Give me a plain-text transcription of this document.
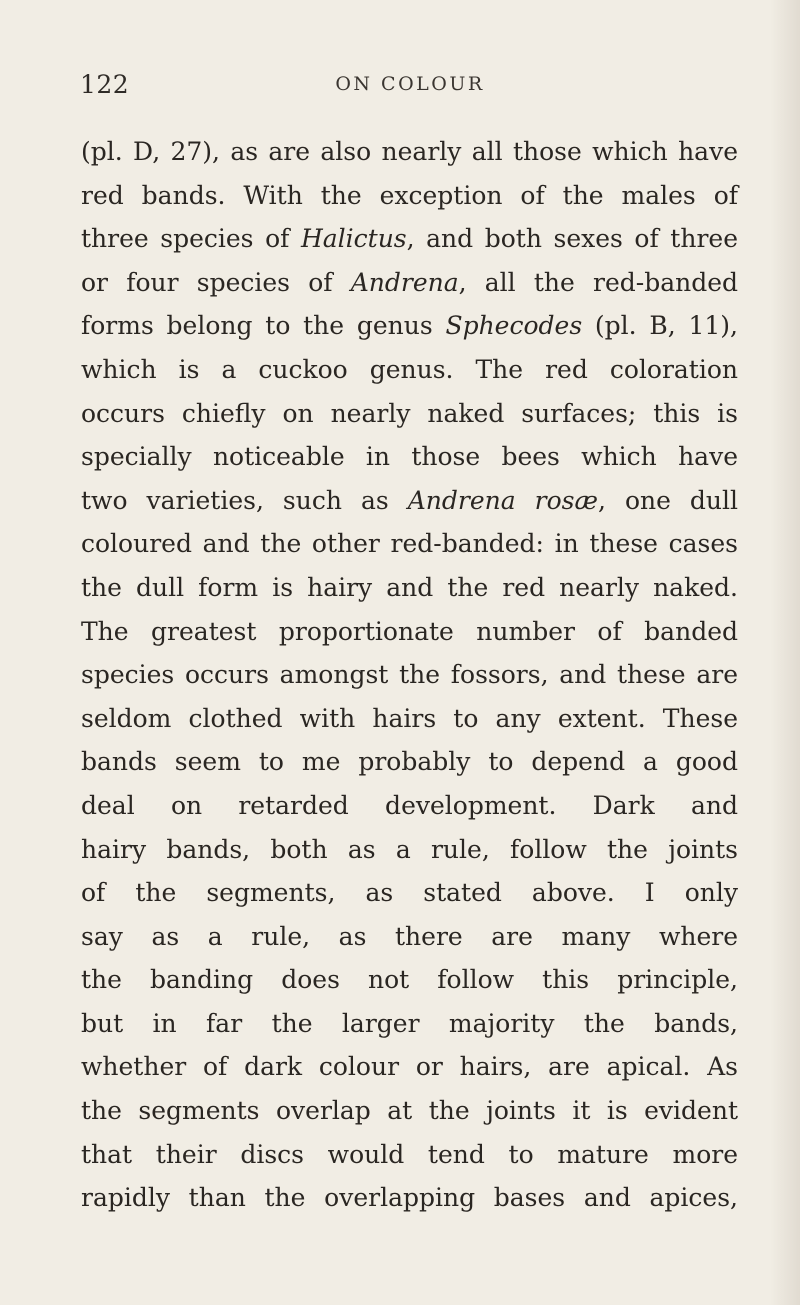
122	ON COLOUR
(pl. D, 27), as are also nearly all those which have
red bands. With the exception of the males of
three species of Halictus, and both sexes of three
or four species of Andrena, all the red-banded
forms belong to the genus Sphecodes (pl. B, 11),
which is a cuckoo genus. The red coloration
occurs chiefly on nearly naked surfaces; this is
specially noticeable in those bees which have
two varieties, such as Andrena rosæ, one dull
coloured and the other red-banded: in these cases
the dull form is hairy and the red nearly naked.
The greatest proportionate number of banded
species occurs amongst the fossors, and these are
seldom clothed with hairs to any extent. These
bands seem to me probably to depend a good
deal on retarded development. Dark and
hairy bands, both as a rule, follow the joints
of the segments, as stated above. I only
say as a rule, as there are many where
the banding does not follow this principle,
but in far the larger majority the bands,
whether of dark colour or hairs, are apical. As
the segments overlap at the joints it is evident
that their discs would tend to mature more
rapidly than the overlapping bases and apices,
